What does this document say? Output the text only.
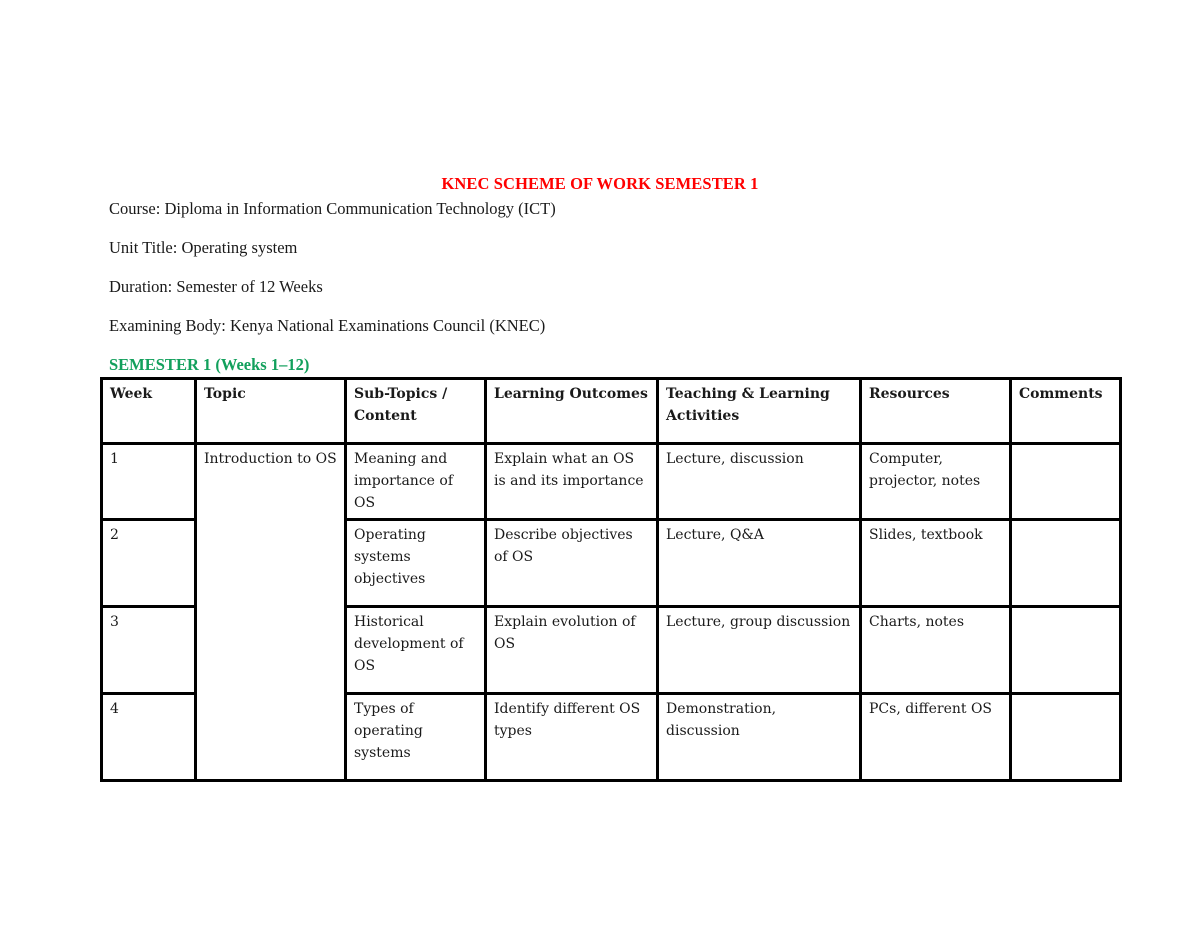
KNEC SCHEME OF WORK SEMESTER 1
Course: Diploma in Information Communication Technology (ICT)
Unit Title: Operating system
Duration: Semester of 12 Weeks
Examining Body: Kenya National Examinations Council (KNEC)
SEMESTER 1 (Weeks 1–12)
Week	Topic	Sub-Topics / Content	Learning Outcomes	Teaching & Learning Activities	Resources	Comments
1	Introduction to OS	Meaning and importance of OS	Explain what an OS is and its importance	Lecture, discussion	Computer, projector, notes	
2		Operating systems objectives	Describe objectives of OS	Lecture, Q&A	Slides, textbook	
3		Historical development of OS	Explain evolution of OS	Lecture, group discussion	Charts, notes	
4		Types of operating systems	Identify different OS types	Demonstration, discussion	PCs, different OS	
